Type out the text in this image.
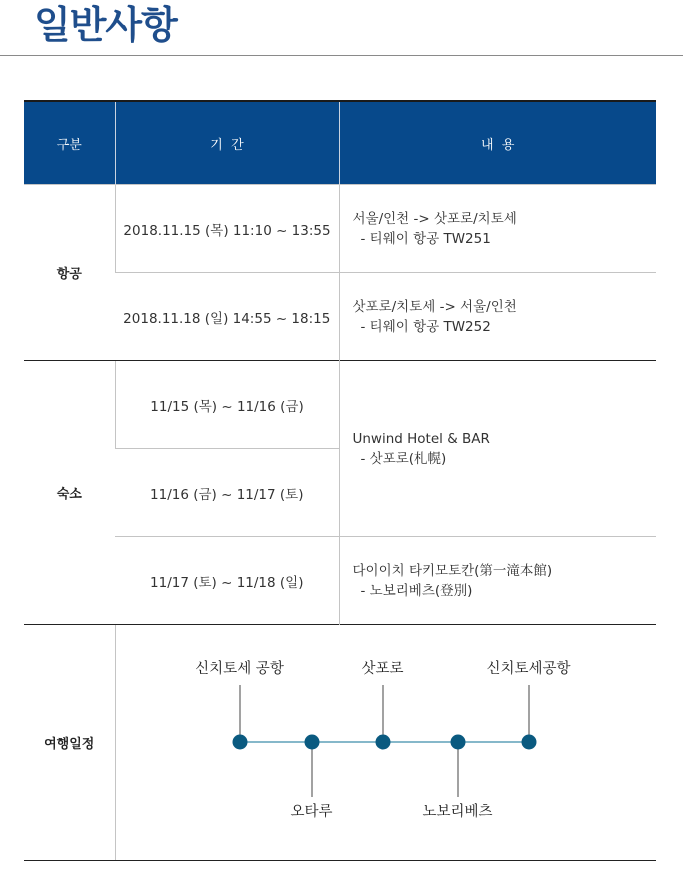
일반사항
구분	기  간	내  용
항공	2018.11.15 (목) 11:10 ~ 13:55	서울/인천 -> 삿포로/치토세
- 티웨이 항공 TW251

	2018.11.18 (일) 14:55 ~ 18:15	삿포로/치토세 -> 서울/인천
- 티웨이 항공 TW252

숙소	11/15 (목) ~ 11/16 (금)	Unwind Hotel & BAR
- 삿포로(札幌)

	11/16 (금) ~ 11/17 (토)	
	11/17 (토) ~ 11/18 (일)	다이이치 타키모토칸(第一滝本館)
- 노보리베츠(登別)

여행일정	신치토세 공항
오타루
삿포로
노보리베츠
신치토세공항	
